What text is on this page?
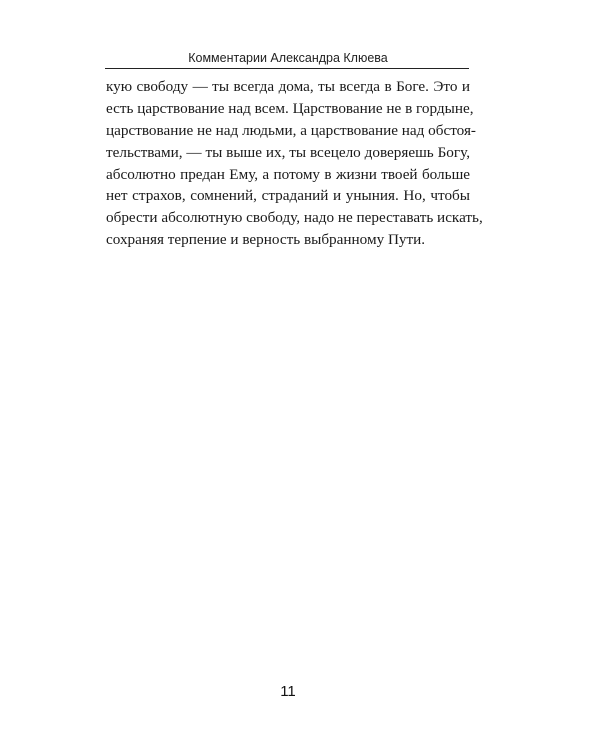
Комментарии Александра Клюева
кую свободу — ты всегда дома, ты всегда в Боге. Это и
есть царствование над всем. Царствование не в гордыне,
царствование не над людьми, а царствование над обстоя-
тельствами, — ты выше их, ты всецело доверяешь Богу,
абсолютно предан Ему, а потому в жизни твоей больше
нет страхов, сомнений, страданий и уныния. Но, чтобы
обрести абсолютную свободу, надо не переставать искать,
сохраняя терпение и верность выбранному Пути.
11
